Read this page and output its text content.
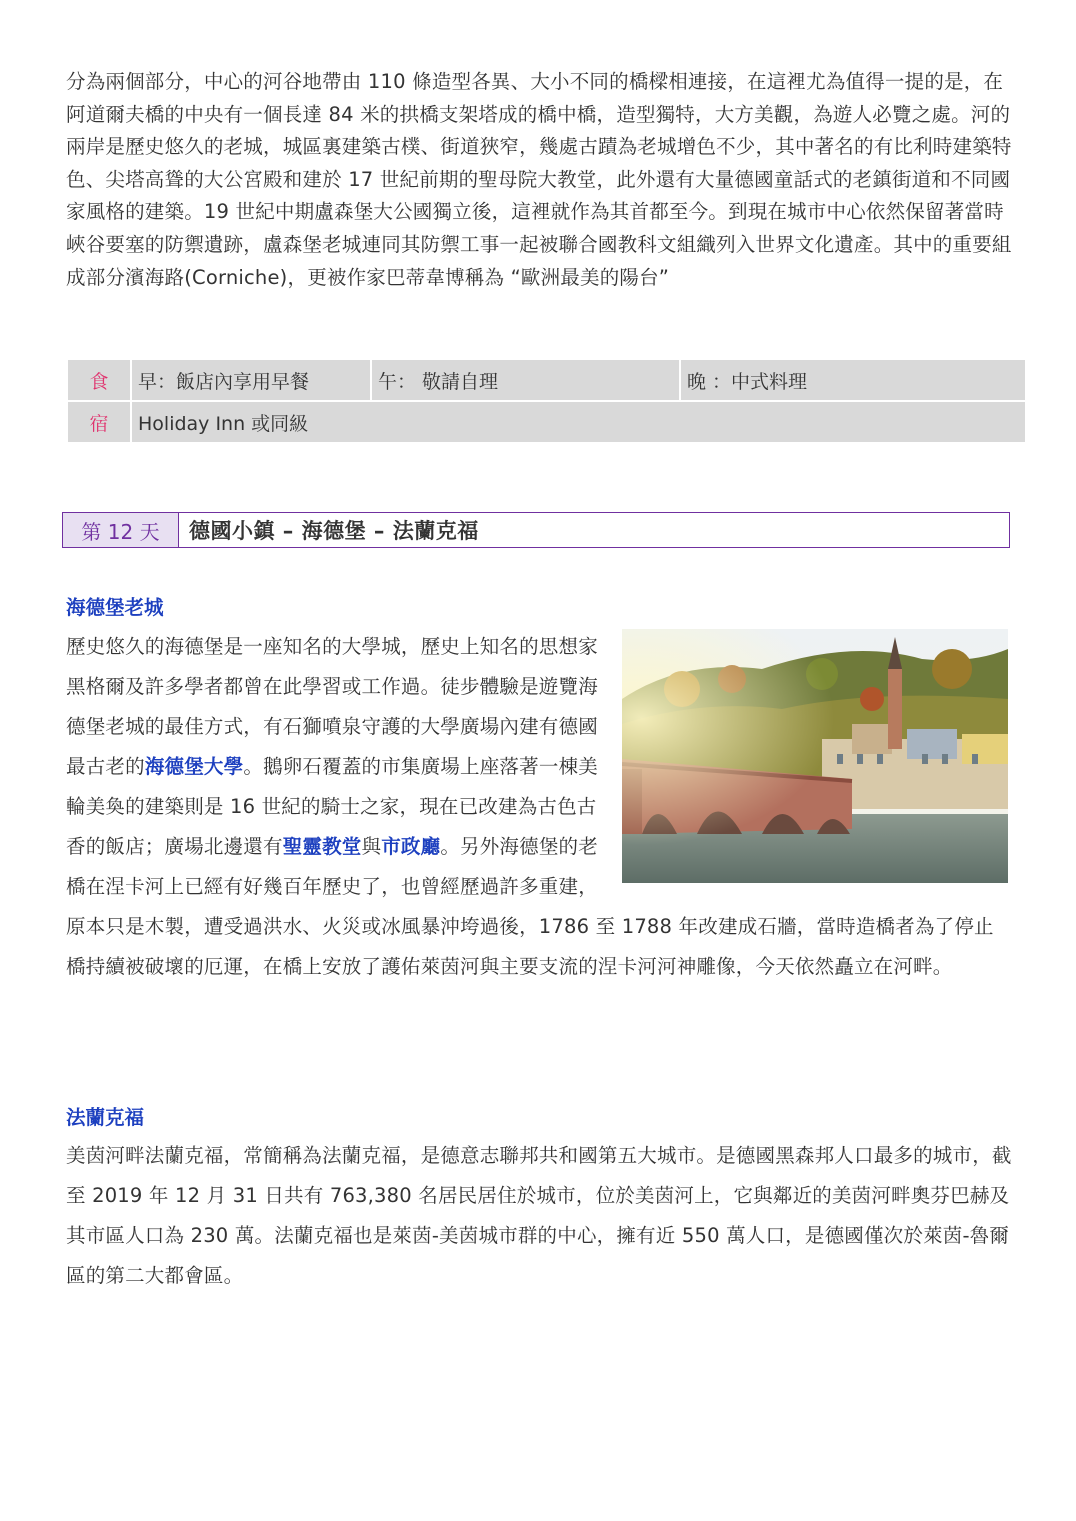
分為兩個部分，中心的河谷地帶由 110 條造型各異、大小不同的橋樑相連接，在這裡尤為值得一提的是，在阿道爾夫橋的中央有一個長達 84 米的拱橋支架塔成的橋中橋，造型獨特，大方美觀，為遊人必覽之處。河的兩岸是歷史悠久的老城，城區裏建築古樸、街道狹窄，幾處古蹟為老城增色不少，其中著名的有比利時建築特色、尖塔高聳的大公宮殿和建於 17 世紀前期的聖母院大教堂，此外還有大量德國童話式的老鎮街道和不同國家風格的建築。19 世紀中期盧森堡大公國獨立後，這裡就作為其首都至今。到現在城市中心依然保留著當時峽谷要塞的防禦遺跡，盧森堡老城連同其防禦工事一起被聯合國教科文組織列入世界文化遺產。其中的重要組成部分濱海路(Corniche)，更被作家巴蒂韋博稱為 “歐洲最美的陽台”

食	早：飯店內享用早餐	午： 敬請自理	晚 ：中式料理
宿	Holiday Inn 或同級		
第 12 天	德國小鎮 – 海德堡 – 法蘭克福
海德堡老城

歷史悠久的海德堡是一座知名的大學城，歷史上知名的思想家黑格爾及許多學者都曾在此學習或工作過。徒步體驗是遊覽海德堡老城的最佳方式，有石獅噴泉守護的大學廣場內建有德國最古老的海德堡大學。鵝卵石覆蓋的市集廣場上座落著一棟美輪美奐的建築則是 16 世紀的騎士之家，現在已改建為古色古香的飯店；廣場北邊還有聖靈教堂與市政廳。另外海德堡的老橋在涅卡河上已經有好幾百年歷史了，也曾經歷過許多重建，原本只是木製，遭受過洪水、火災或冰風暴沖垮過後，1786 至 1788 年改建成石牆，當時造橋者為了停止橋持續被破壞的厄運，在橋上安放了護佑萊茵河與主要支流的涅卡河河神雕像，今天依然矗立在河畔。

法蘭克福

美茵河畔法蘭克福，常簡稱為法蘭克福，是德意志聯邦共和國第五大城市。是德國黑森邦人口最多的城市，截至 2019 年 12 月 31 日共有 763,380 名居民居住於城市，位於美茵河上，它與鄰近的美茵河畔奧芬巴赫及其市區人口為 230 萬。法蘭克福也是萊茵-美茵城市群的中心，擁有近 550 萬人口，是德國僅次於萊茵-魯爾區的第二大都會區。
